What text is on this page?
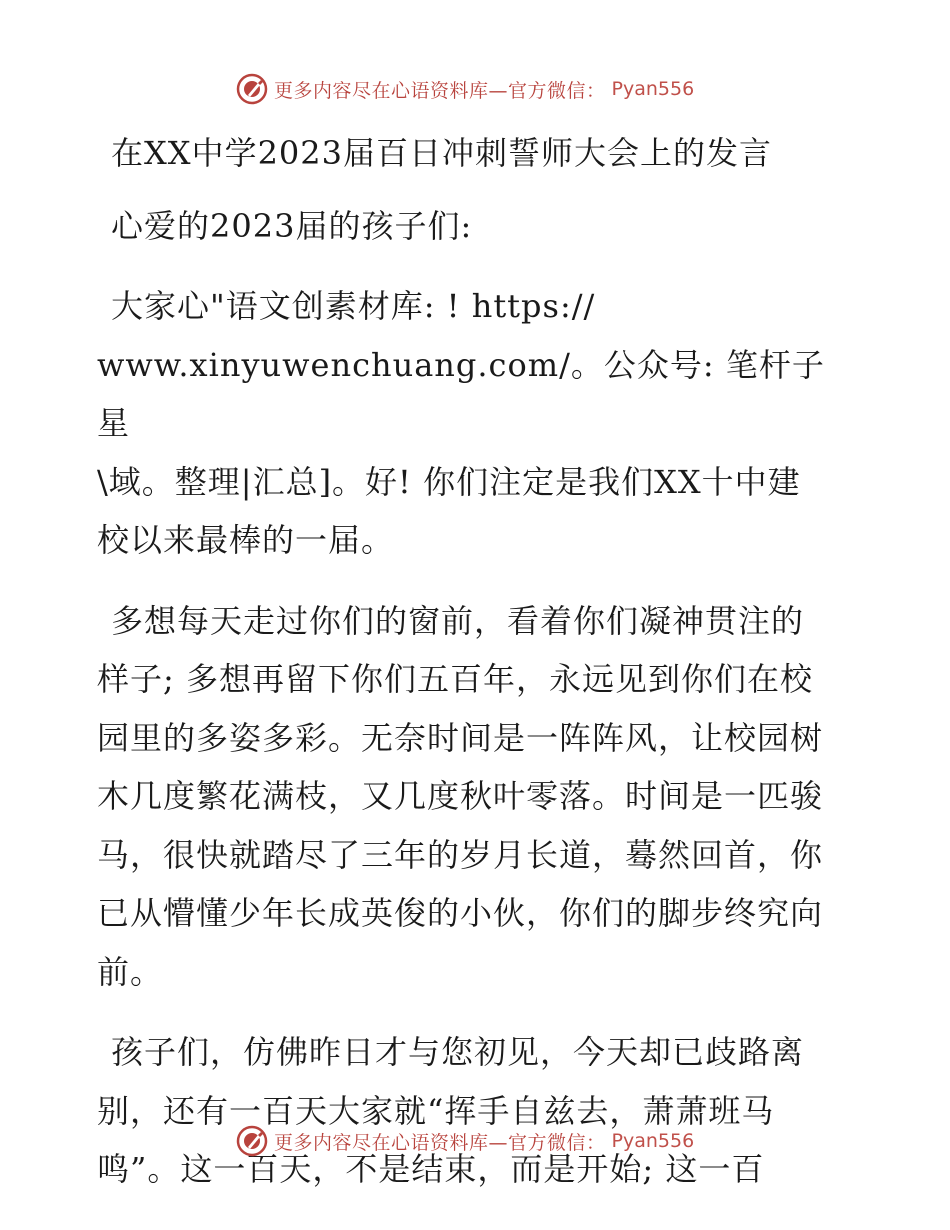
更多内容尽在心语资料库—官方微信： Pyan556

在XX中学2023届百日冲刺誓师大会上的发言

心爱的2023届的孩子们:

大家心"语文创素材库: ! https://
www.xinyuwenchuang.com/。公众号: 笔杆子星
\域。整理|汇总]。好! 你们注定是我们XX十中建
校以来最棒的一届。

多想每天走过你们的窗前，看着你们凝神贯注的
样子; 多想再留下你们五百年，永远见到你们在校
园里的多姿多彩。无奈时间是一阵阵风，让校园树
木几度繁花满枝，又几度秋叶零落。时间是一匹骏
马，很快就踏尽了三年的岁月长道，蓦然回首，你
已从懵懂少年长成英俊的小伙，你们的脚步终究向
前。

孩子们，仿佛昨日才与您初见，今天却已歧路离
别，还有一百天大家就“挥手自兹去，萧萧班马
鸣”。这一百天，不是结束，而是开始; 这一百

更多内容尽在心语资料库—官方微信： Pyan556
